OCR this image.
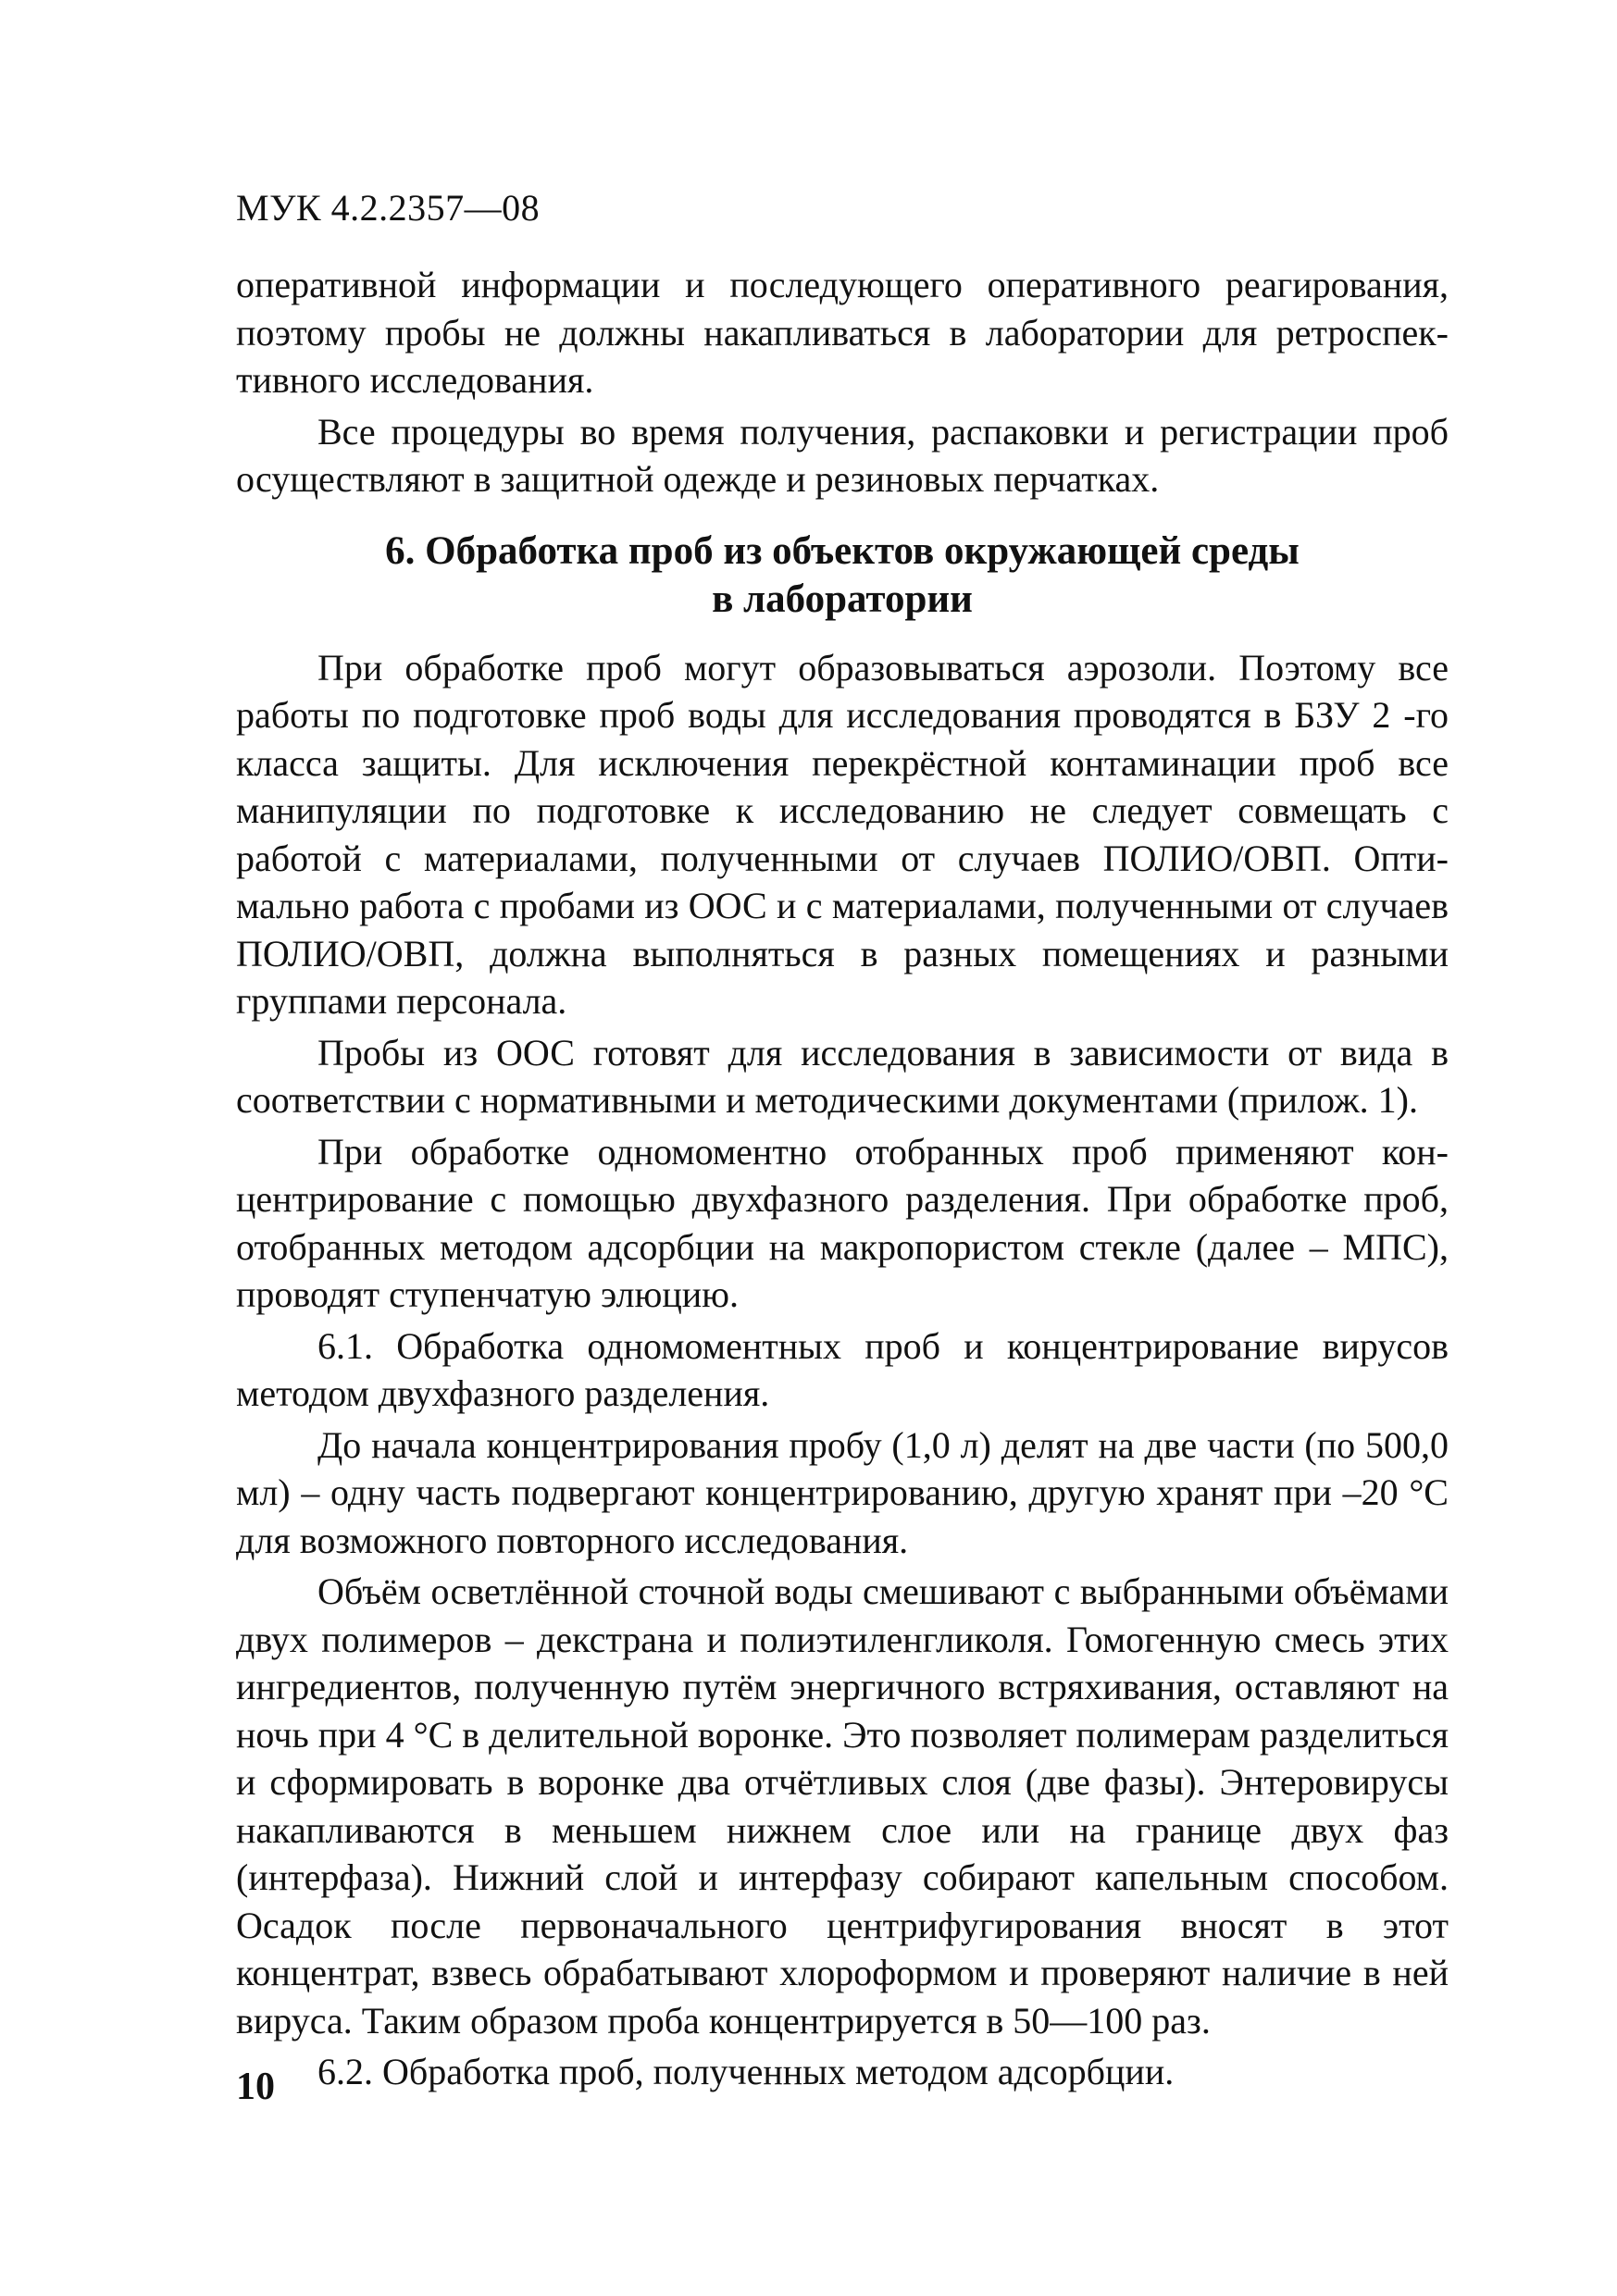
МУК 4.2.2357—08

оперативной информации и последующего оперативного реагирования, поэтому пробы не должны накапливаться в лаборатории для ретроспективного исследования.

Все процедуры во время получения, распаковки и регистрации проб осуществляют в защитной одежде и резиновых перчатках.

6. Обработка проб из объектов окружающей среды
в лаборатории

При обработке проб могут образовываться аэрозоли. Поэтому все работы по подготовке проб воды для исследования проводятся в БЗУ 2 -го класса защиты. Для исключения перекрёстной контаминации проб все манипуляции по подготовке к исследованию не следует совмещать с работой с материалами, полученными от случаев ПОЛИО/ОВП. Оптимально работа с пробами из ООС и с материалами, полученными от случаев ПОЛИО/ОВП, должна выполняться в разных помещениях и разными группами персонала.

Пробы из ООС готовят для исследования в зависимости от вида в соответствии с нормативными и методическими документами (прилож. 1).

При обработке одномоментно отобранных проб применяют концентрирование с помощью двухфазного разделения. При обработке проб, отобранных методом адсорбции на макропористом стекле (далее – МПС), проводят ступенчатую элюцию.

6.1. Обработка одномоментных проб и концентрирование вирусов методом двухфазного разделения.

До начала концентрирования пробу (1,0 л) делят на две части (по 500,0 мл) – одну часть подвергают концентрированию, другую хранят при –20 °С для возможного повторного исследования.

Объём осветлённой сточной воды смешивают с выбранными объёмами двух полимеров – декстрана и полиэтиленгликоля. Гомогенную смесь этих ингредиентов, полученную путём энергичного встряхивания, оставляют на ночь при 4 °С в делительной воронке. Это позволяет полимерам разделиться и сформировать в воронке два отчётливых слоя (две фазы). Энтеровирусы накапливаются в меньшем нижнем слое или на границе двух фаз (интерфаза). Нижний слой и интерфазу собирают капельным способом. Осадок после первоначального центрифугирования вносят в этот концентрат, взвесь обрабатывают хлороформом и проверяют наличие в ней вируса. Таким образом проба концентрируется в 50—100 раз.

6.2. Обработка проб, полученных методом адсорбции.

10
